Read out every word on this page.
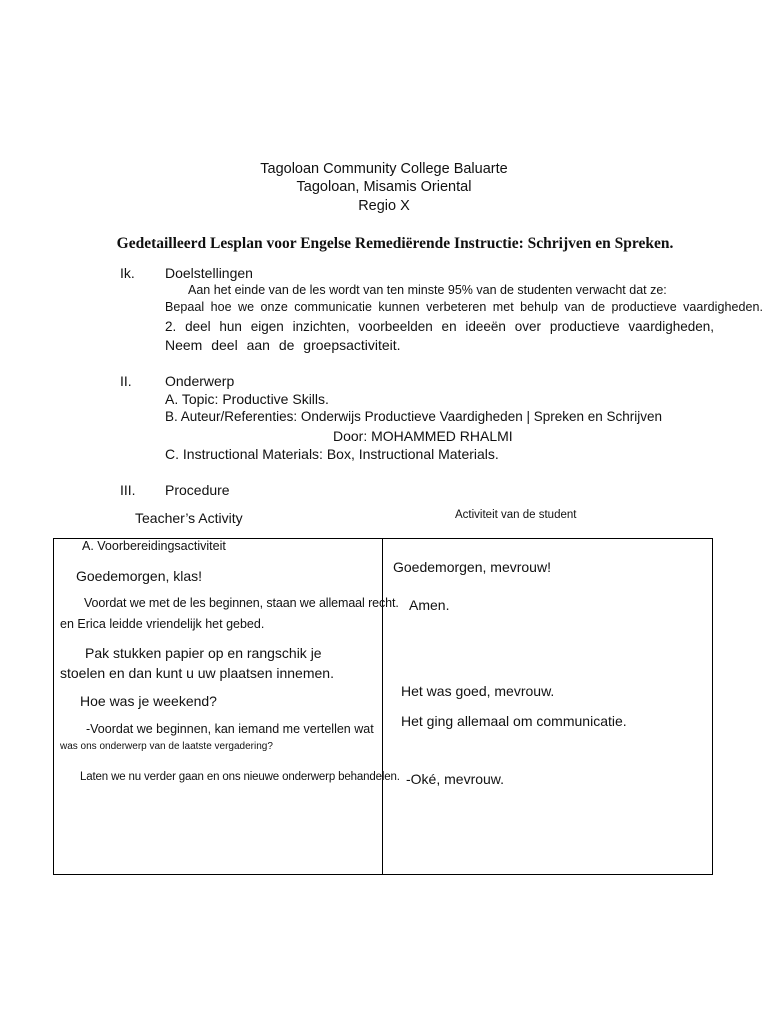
Tagoloan Community College Baluarte
Tagoloan, Misamis Oriental
Regio X
Gedetailleerd Lesplan voor Engelse Remediërende Instructie: Schrijven en Spreken.
Ik. Doelstellingen
Aan het einde van de les wordt van ten minste 95% van de studenten verwacht dat ze:
Bepaal hoe we onze communicatie kunnen verbeteren met behulp van de productieve vaardigheden.
2. deel hun eigen inzichten, voorbeelden en ideeën over productieve vaardigheden,
Neem deel aan de groepsactiviteit.
II. Onderwerp
A. Topic: Productive Skills.
B. Auteur/Referenties: Onderwijs Productieve Vaardigheden | Spreken en Schrijven
Door: MOHAMMED RHALMI
C. Instructional Materials: Box, Instructional Materials.
III. Procedure
Teacher’s Activity	Activiteit van de student
A. Voorbereidingsactiviteit
Goedemorgen, klas!
Voordat we met de les beginnen, staan we allemaal recht.
en Erica leidde vriendelijk het gebed.
Pak stukken papier op en rangschik je
stoelen en dan kunt u uw plaatsen innemen.
Hoe was je weekend?
-Voordat we beginnen, kan iemand me vertellen wat
was ons onderwerp van de laatste vergadering?
Laten we nu verder gaan en ons nieuwe onderwerp behandelen.
Goedemorgen, mevrouw!
Amen.
Het was goed, mevrouw.
Het ging allemaal om communicatie.
-Oké, mevrouw.
